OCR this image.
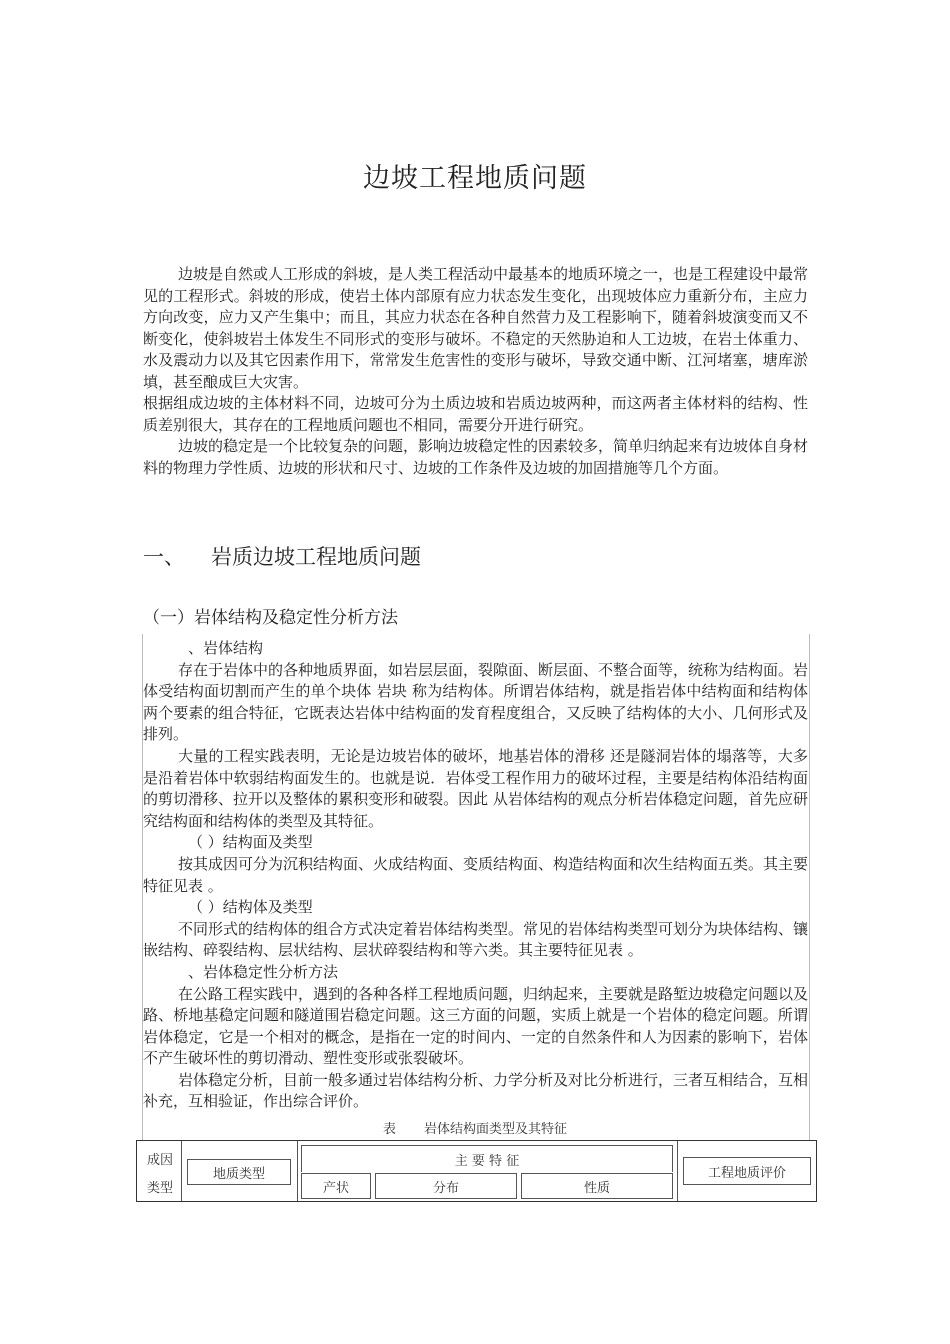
边坡工程地质问题

边坡是自然或人工形成的斜坡，是人类工程活动中最基本的地质环境之一，也是工程建设中最常见的工程形式。斜坡的形成，使岩土体内部原有应力状态发生变化，出现坡体应力重新分布，主应力方向改变，应力又产生集中；而且，其应力状态在各种自然营力及工程影响下，随着斜坡演变而又不断变化，使斜坡岩土体发生不同形式的变形与破坏。不稳定的天然胁迫和人工边坡，在岩土体重力、水及震动力以及其它因素作用下，常常发生危害性的变形与破坏，导致交通中断、江河堵塞，塘库淤填，甚至酿成巨大灾害。

根据组成边坡的主体材料不同，边坡可分为土质边坡和岩质边坡两种，而这两者主体材料的结构、性质差别很大，其存在的工程地质问题也不相同，需要分开进行研究。

边坡的稳定是一个比较复杂的问题，影响边坡稳定性的因素较多，简单归纳起来有边坡体自身材料的物理力学性质、边坡的形状和尺寸、边坡的工作条件及边坡的加固措施等几个方面。

一、 岩质边坡工程地质问题
（一）岩体结构及稳定性分析方法

、岩体结构

存在于岩体中的各种地质界面，如岩层层面，裂隙面、断层面、不整合面等，统称为结构面。岩体受结构面切割而产生的单个块体 岩块 称为结构体。所谓岩体结构，就是指岩体中结构面和结构体两个要素的组合特征，它既表达岩体中结构面的发育程度组合，又反映了结构体的大小、几何形式及排列。

大量的工程实践表明，无论是边坡岩体的破坏，地基岩体的滑移 还是隧洞岩体的塌落等，大多是沿着岩体中软弱结构面发生的。也就是说．岩体受工程作用力的破坏过程，主要是结构体沿结构面的剪切滑移、拉开以及整体的累积变形和破裂。因此 从岩体结构的观点分析岩体稳定问题，首先应研究结构面和结构体的类型及其特征。

（ ）结构面及类型

按其成因可分为沉积结构面、火成结构面、变质结构面、构造结构面和次生结构面五类。其主要特征见表 。

（ ）结构体及类型

不同形式的结构体的组合方式决定着岩体结构类型。常见的岩体结构类型可划分为块体结构、镶嵌结构、碎裂结构、层状结构、层状碎裂结构和等六类。其主要特征见表 。

、岩体稳定性分析方法

在公路工程实践中，遇到的各种各样工程地质问题，归纳起来，主要就是路堑边坡稳定问题以及路、桥地基稳定问题和隧道围岩稳定问题。这三方面的问题，实质上就是一个岩体的稳定问题。所谓岩体稳定，它是一个相对的概念，是指在一定的时间内、一定的自然条件和人为因素的影响下，岩体不产生破坏性的剪切滑动、塑性变形或张裂破坏。

岩体稳定分析，目前一般多通过岩体结构分析、力学分析及对比分析进行，三者互相结合，互相补充，互相验证，作出综合评价。

表 岩体结构面类型及其特征
成因
类型
地质类型
主 要 特 征
产状	分布	性质
工程地质评价
